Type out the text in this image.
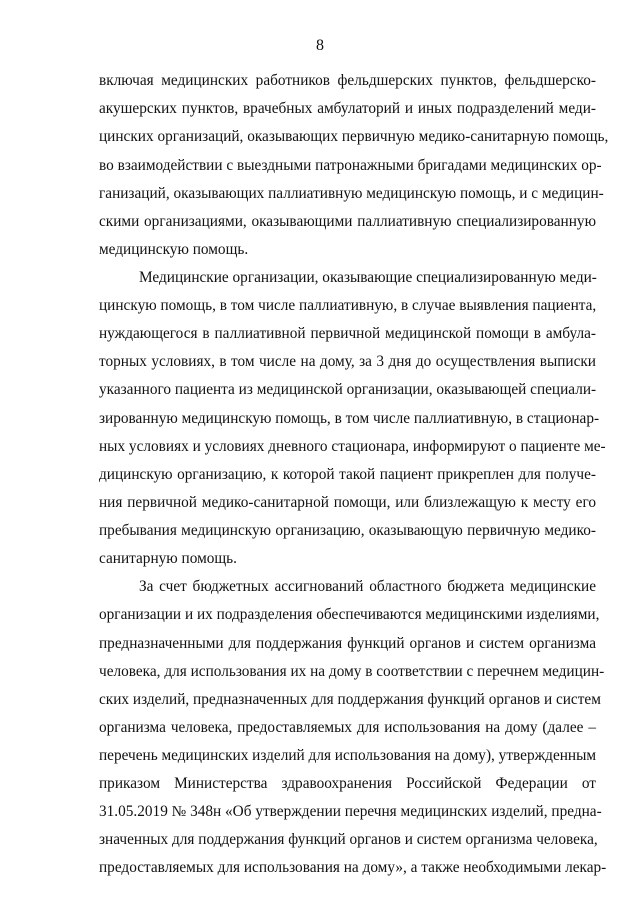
8
включая медицинских работников фельдшерских пунктов, фельдшерско-
акушерских пунктов, врачебных амбулаторий и иных подразделений меди-
цинских организаций, оказывающих первичную медико-санитарную помощь,
во взаимодействии с выездными патронажными бригадами медицинских ор-
ганизаций, оказывающих паллиативную медицинскую помощь, и с медицин-
скими организациями, оказывающими паллиативную специализированную
медицинскую помощь.
Медицинские организации, оказывающие специализированную меди-
цинскую помощь, в том числе паллиативную, в случае выявления пациента,
нуждающегося в паллиативной первичной медицинской помощи в амбула-
торных условиях, в том числе на дому, за 3 дня до осуществления выписки
указанного пациента из медицинской организации, оказывающей специали-
зированную медицинскую помощь, в том числе паллиативную, в стационар-
ных условиях и условиях дневного стационара, информируют о пациенте ме-
дицинскую организацию, к которой такой пациент прикреплен для получе-
ния первичной медико-санитарной помощи, или близлежащую к месту его
пребывания медицинскую организацию, оказывающую первичную медико-
санитарную помощь.
За счет бюджетных ассигнований областного бюджета медицинские
организации и их подразделения обеспечиваются медицинскими изделиями,
предназначенными для поддержания функций органов и систем организма
человека, для использования их на дому в соответствии с перечнем медицин-
ских изделий, предназначенных для поддержания функций органов и систем
организма человека, предоставляемых для использования на дому (далее –
перечень медицинских изделий для использования на дому), утвержденным
приказом Министерства здравоохранения Российской Федерации от
31.05.2019 № 348н «Об утверждении перечня медицинских изделий, предна-
значенных для поддержания функций органов и систем организма человека,
предоставляемых для использования на дому», а также необходимыми лекар-
